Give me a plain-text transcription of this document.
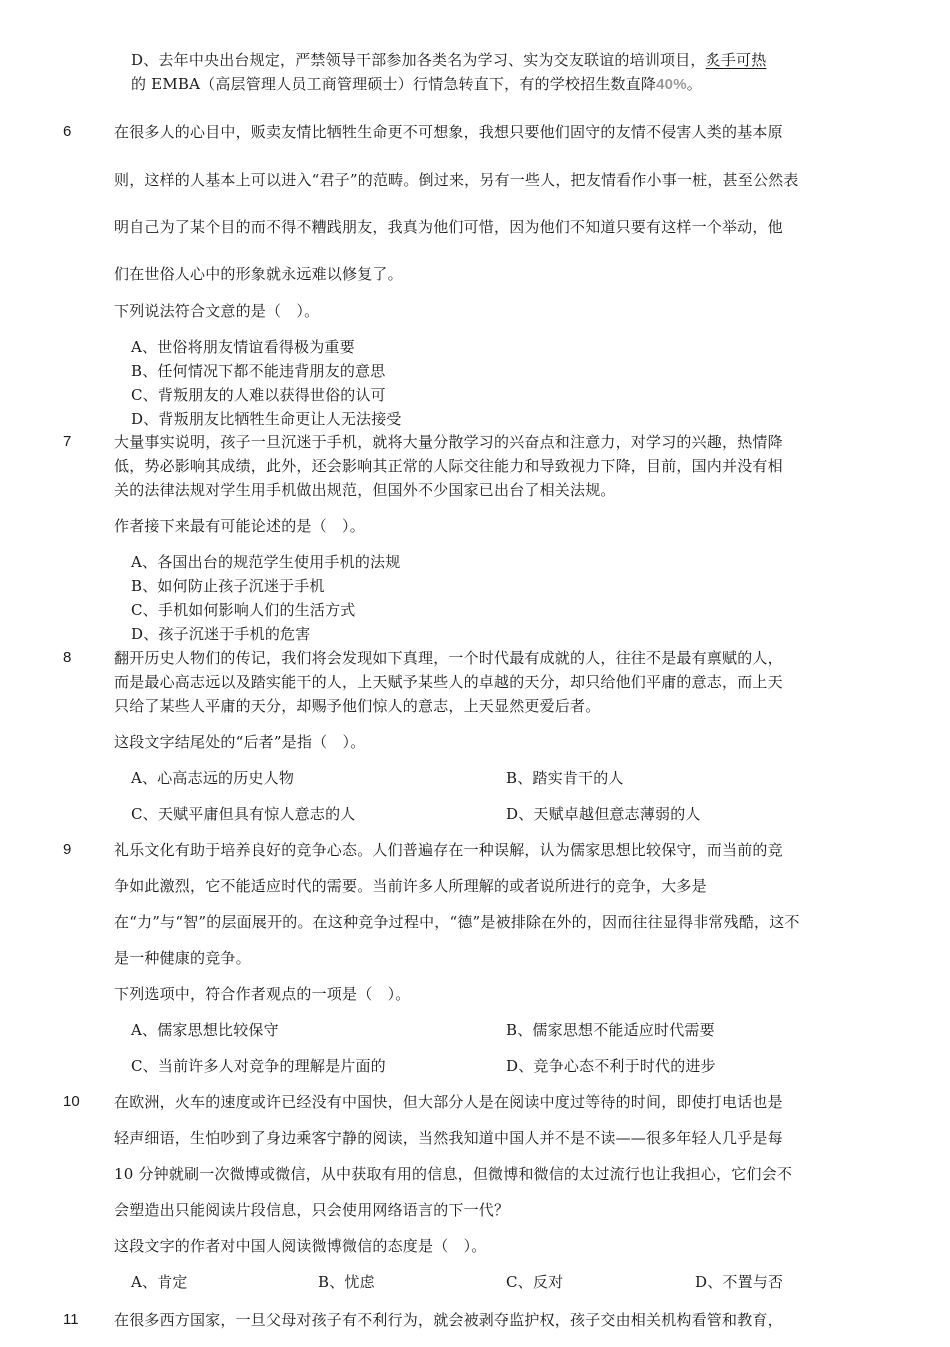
D、去年中央出台规定，严禁领导干部参加各类名为学习、实为交友联谊的培训项目，炙手可热
的 EMBA（高层管理人员工商管理硕士）行情急转直下，有的学校招生数直降40%。
6	在很多人的心目中，贩卖友情比牺牲生命更不可想象，我想只要他们固守的友情不侵害人类的基本原
则，这样的人基本上可以进入“君子”的范畴。倒过来，另有一些人，把友情看作小事一桩，甚至公然表
明自己为了某个目的而不得不糟践朋友，我真为他们可惜，因为他们不知道只要有这样一个举动，他
们在世俗人心中的形象就永远难以修复了。
下列说法符合文意的是（　）。
A、世俗将朋友情谊看得极为重要
B、任何情况下都不能违背朋友的意思
C、背叛朋友的人难以获得世俗的认可
D、背叛朋友比牺牲生命更让人无法接受
7	大量事实说明，孩子一旦沉迷于手机，就将大量分散学习的兴奋点和注意力，对学习的兴趣，热情降
低，势必影响其成绩，此外，还会影响其正常的人际交往能力和导致视力下降，目前，国内并没有相
关的法律法规对学生用手机做出规范，但国外不少国家已出台了相关法规。
作者接下来最有可能论述的是（　）。
A、各国出台的规范学生使用手机的法规
B、如何防止孩子沉迷于手机
C、手机如何影响人们的生活方式
D、孩子沉迷于手机的危害
8	翻开历史人物们的传记，我们将会发现如下真理，一个时代最有成就的人，往往不是最有禀赋的人，
而是最心高志远以及踏实能干的人，上天赋予某些人的卓越的天分，却只给他们平庸的意志，而上天
只给了某些人平庸的天分，却赐予他们惊人的意志，上天显然更爱后者。
这段文字结尾处的“后者”是指（　）。
A、心高志远的历史人物	B、踏实肯干的人
C、天赋平庸但具有惊人意志的人	D、天赋卓越但意志薄弱的人
9	礼乐文化有助于培养良好的竞争心态。人们普遍存在一种误解，认为儒家思想比较保守，而当前的竞
争如此激烈，它不能适应时代的需要。当前许多人所理解的或者说所进行的竞争，大多是
在“力”与“智”的层面展开的。在这种竞争过程中，“德”是被排除在外的，因而往往显得非常残酷，这不
是一种健康的竞争。
下列选项中，符合作者观点的一项是（　）。
A、儒家思想比较保守	B、儒家思想不能适应时代需要
C、当前许多人对竞争的理解是片面的	D、竞争心态不利于时代的进步
10 在欧洲，火车的速度或许已经没有中国快，但大部分人是在阅读中度过等待的时间，即使打电话也是
轻声细语，生怕吵到了身边乘客宁静的阅读，当然我知道中国人并不是不读——很多年轻人几乎是每
10 分钟就刷一次微博或微信，从中获取有用的信息，但微博和微信的太过流行也让我担心，它们会不
会塑造出只能阅读片段信息，只会使用网络语言的下一代？
这段文字的作者对中国人阅读微博微信的态度是（　）。
A、肯定	B、忧虑	C、反对	D、不置与否
11 在很多西方国家，一旦父母对孩子有不利行为，就会被剥夺监护权，孩子交由相关机构看管和教育，
